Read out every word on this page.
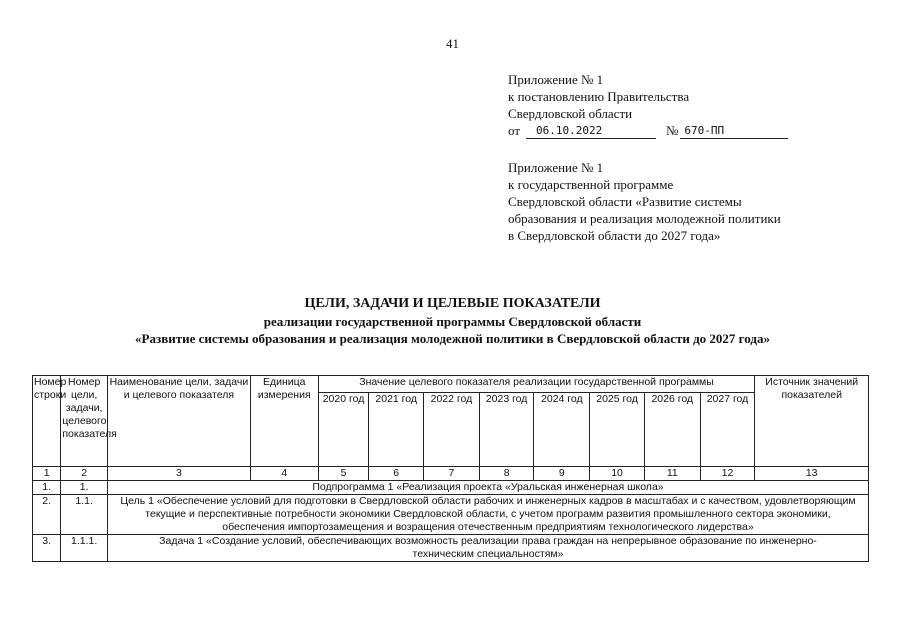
41
Приложение № 1
к постановлению Правительства
Свердловской области
от	06.10.2022	№ 670-ПП
Приложение № 1
к государственной программе
Свердловской области «Развитие системы
образования и реализация молодежной политики
в Свердловской области до 2027 года»
ЦЕЛИ, ЗАДАЧИ И ЦЕЛЕВЫЕ ПОКАЗАТЕЛИ
реализации государственной программы Свердловской области
«Развитие системы образования и реализация молодежной политики в Свердловской области до 2027 года»
Номер строки	Номер цели, задачи, целевого показателя	Наименование цели, задачи и целевого показателя	Единица измерения	Значение целевого показателя реализации государственной программы								Источник значений показателей
				2020 год	2021 год	2022 год	2023 год	2024 год	2025 год	2026 год	2027 год	
1	2	3	4	5	6	7	8	9	10	11	12	13
1.	1.	Подпрограмма 1 «Реализация проекта «Уральская инженерная школа»										
2.	1.1.	Цель 1 «Обеспечение условий для подготовки в Свердловской области рабочих и инженерных кадров в масштабах и с качеством, удовлетворяющим текущие и перспективные потребности экономики Свердловской области, с учетом программ развития промышленного сектора экономики, обеспечения импортозамещения и возращения отечественным предприятиям технологического лидерства»										
3.	1.1.1.	Задача 1 «Создание условий, обеспечивающих возможность реализации права граждан на непрерывное образование по инженерно-техническим специальностям»										
